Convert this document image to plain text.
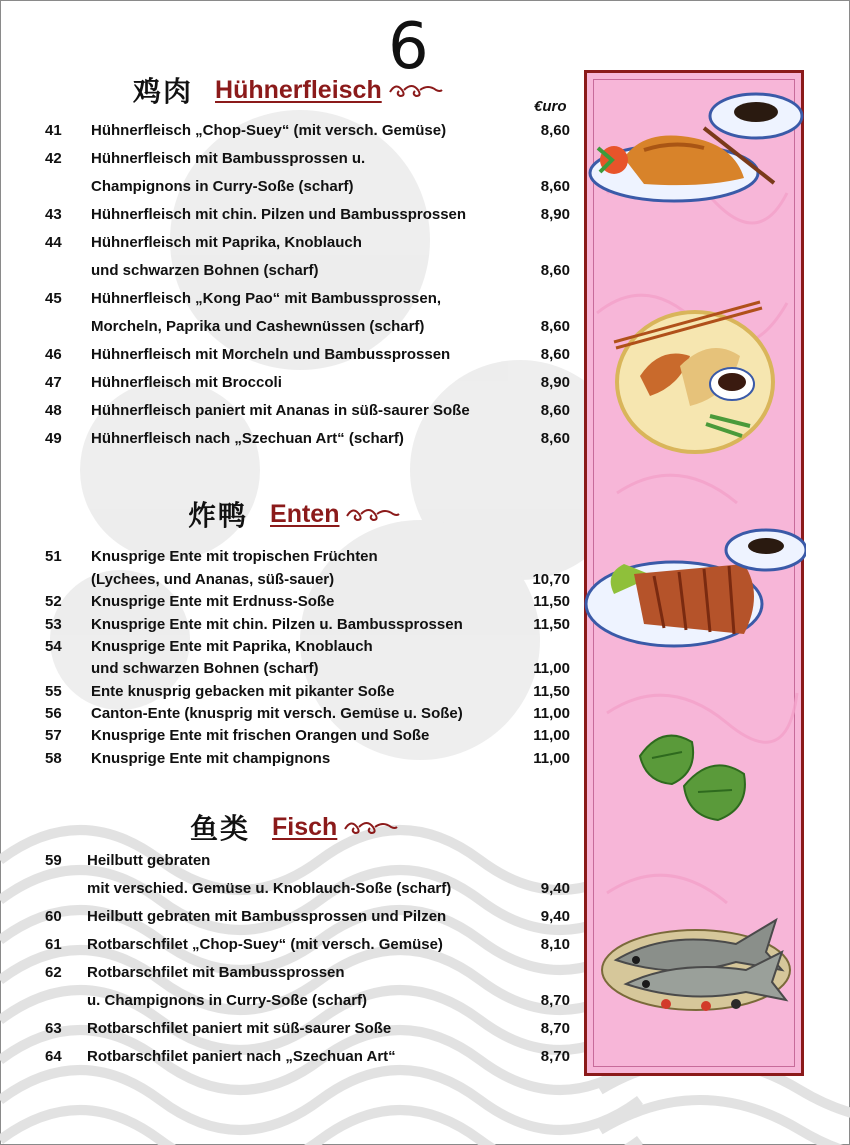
6
鸡肉 Hühnerfleisch
€uro
41 Hühnerfleisch „Chop-Suey“ (mit versch. Gemüse)	8,60
42 Hühnerfleisch mit Bambussprossen u.
Champignons in Curry-Soße (scharf)	8,60
43 Hühnerfleisch mit chin. Pilzen und Bambussprossen	8,90
44 Hühnerfleisch mit Paprika, Knoblauch
und schwarzen Bohnen (scharf)	8,60
45 Hühnerfleisch „Kong Pao“ mit Bambussprossen,
Morcheln, Paprika und Cashewnüssen (scharf)	8,60
46 Hühnerfleisch mit Morcheln und Bambussprossen	8,60
47 Hühnerfleisch mit Broccoli	8,90
48 Hühnerfleisch paniert mit Ananas in süß-saurer Soße	8,60
49 Hühnerfleisch nach „Szechuan Art“ (scharf)	8,60
炸鸭 Enten
51 Knusprige Ente mit tropischen Früchten
(Lychees, und Ananas, süß-sauer)	10,70
52 Knusprige Ente mit Erdnuss-Soße	11,50
53 Knusprige Ente mit chin. Pilzen u. Bambussprossen	11,50
54 Knusprige Ente mit Paprika, Knoblauch
und schwarzen Bohnen (scharf)	11,00
55 Ente knusprig gebacken mit pikanter Soße	11,50
56 Canton-Ente (knusprig mit versch. Gemüse u. Soße)	11,00
57 Knusprige Ente mit frischen Orangen und Soße	11,00
58 Knusprige Ente mit champignons	11,00
鱼类 Fisch
59 Heilbutt gebraten
mit verschied. Gemüse u. Knoblauch-Soße (scharf)	9,40
60 Heilbutt gebraten mit Bambussprossen und Pilzen	9,40
61 Rotbarschfilet „Chop-Suey“ (mit versch. Gemüse)	8,10
62 Rotbarschfilet mit Bambussprossen
u. Champignons in Curry-Soße (scharf)	8,70
63 Rotbarschfilet paniert mit süß-saurer Soße	8,70
64 Rotbarschfilet paniert nach „Szechuan Art“	8,70
